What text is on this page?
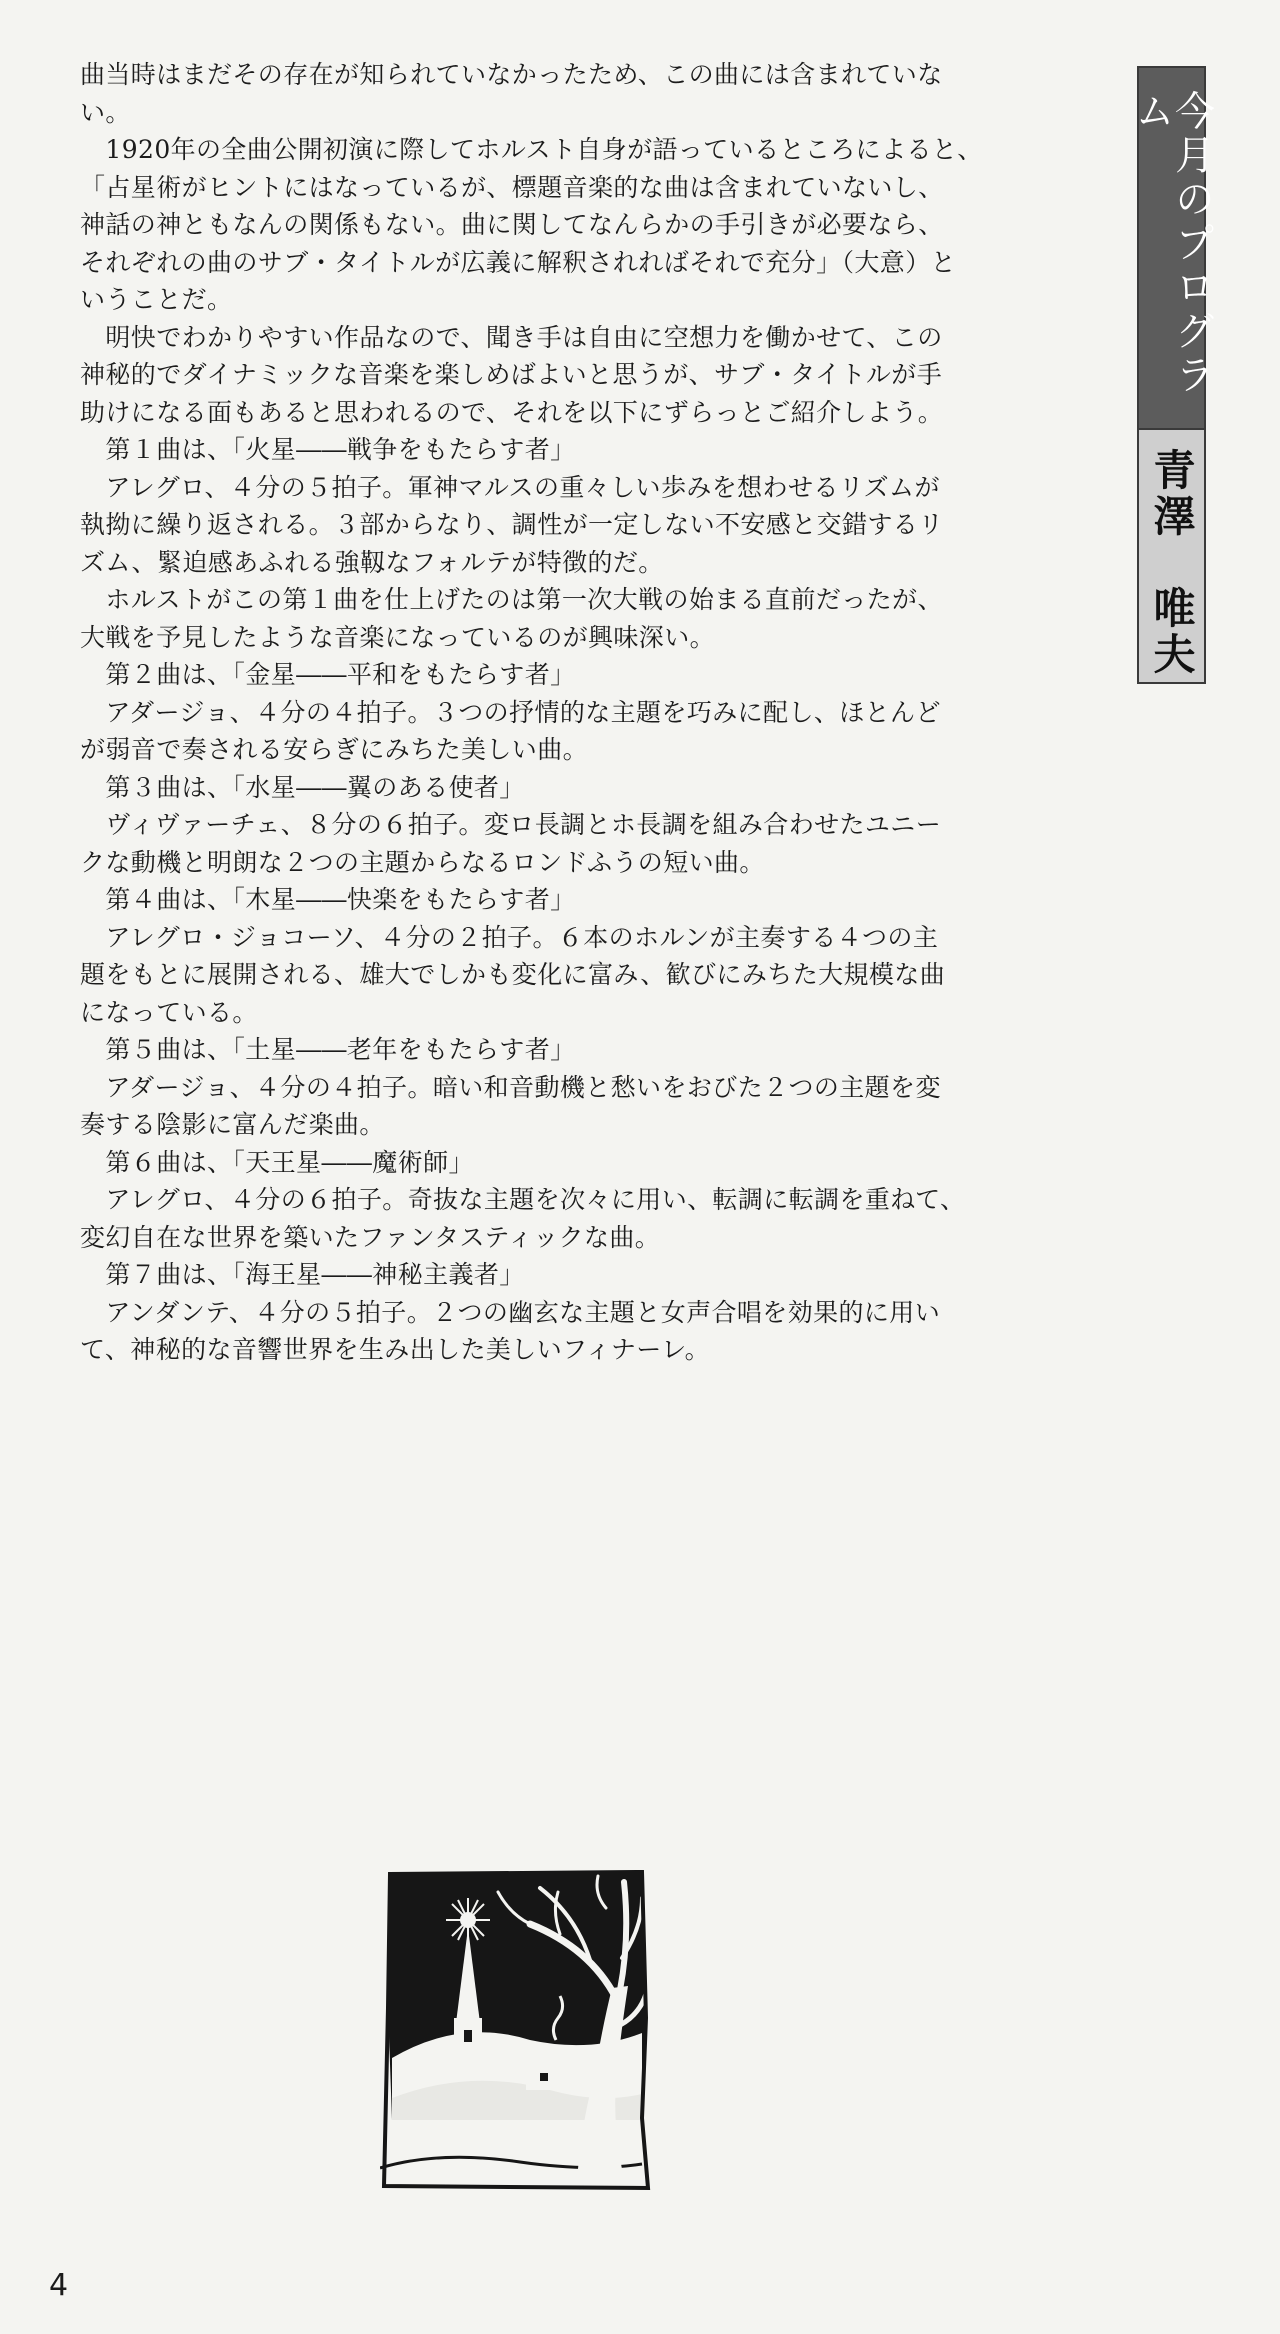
曲当時はまだその存在が知られていなかったため、この曲には含まれていな
い。
　1920年の全曲公開初演に際してホルスト自身が語っているところによると、
「占星術がヒントにはなっているが、標題音楽的な曲は含まれていないし、
神話の神ともなんの関係もない。曲に関してなんらかの手引きが必要なら、
それぞれの曲のサブ・タイトルが広義に解釈されればそれで充分」（大意）と
いうことだ。
　明快でわかりやすい作品なので、聞き手は自由に空想力を働かせて、この
神秘的でダイナミックな音楽を楽しめばよいと思うが、サブ・タイトルが手
助けになる面もあると思われるので、それを以下にずらっとご紹介しよう。
　第１曲は、「火星――戦争をもたらす者」
　アレグロ、４分の５拍子。軍神マルスの重々しい歩みを想わせるリズムが
執拗に繰り返される。３部からなり、調性が一定しない不安感と交錯するリ
ズム、緊迫感あふれる強靱なフォルテが特徴的だ。
　ホルストがこの第１曲を仕上げたのは第一次大戦の始まる直前だったが、
大戦を予見したような音楽になっているのが興味深い。
　第２曲は、「金星――平和をもたらす者」
　アダージョ、４分の４拍子。３つの抒情的な主題を巧みに配し、ほとんど
が弱音で奏される安らぎにみちた美しい曲。
　第３曲は、「水星――翼のある使者」
　ヴィヴァーチェ、８分の６拍子。変ロ長調とホ長調を組み合わせたユニー
クな動機と明朗な２つの主題からなるロンドふうの短い曲。
　第４曲は、「木星――快楽をもたらす者」
　アレグロ・ジョコーソ、４分の２拍子。６本のホルンが主奏する４つの主
題をもとに展開される、雄大でしかも変化に富み、歓びにみちた大規模な曲
になっている。
　第５曲は、「土星――老年をもたらす者」
　アダージョ、４分の４拍子。暗い和音動機と愁いをおびた２つの主題を変
奏する陰影に富んだ楽曲。
　第６曲は、「天王星――魔術師」
　アレグロ、４分の６拍子。奇抜な主題を次々に用い、転調に転調を重ねて、
変幻自在な世界を築いたファンタスティックな曲。
　第７曲は、「海王星――神秘主義者」
　アンダンテ、４分の５拍子。２つの幽玄な主題と女声合唱を効果的に用い
て、神秘的な音響世界を生み出した美しいフィナーレ。
今月のプログラム
青澤　唯夫
4
